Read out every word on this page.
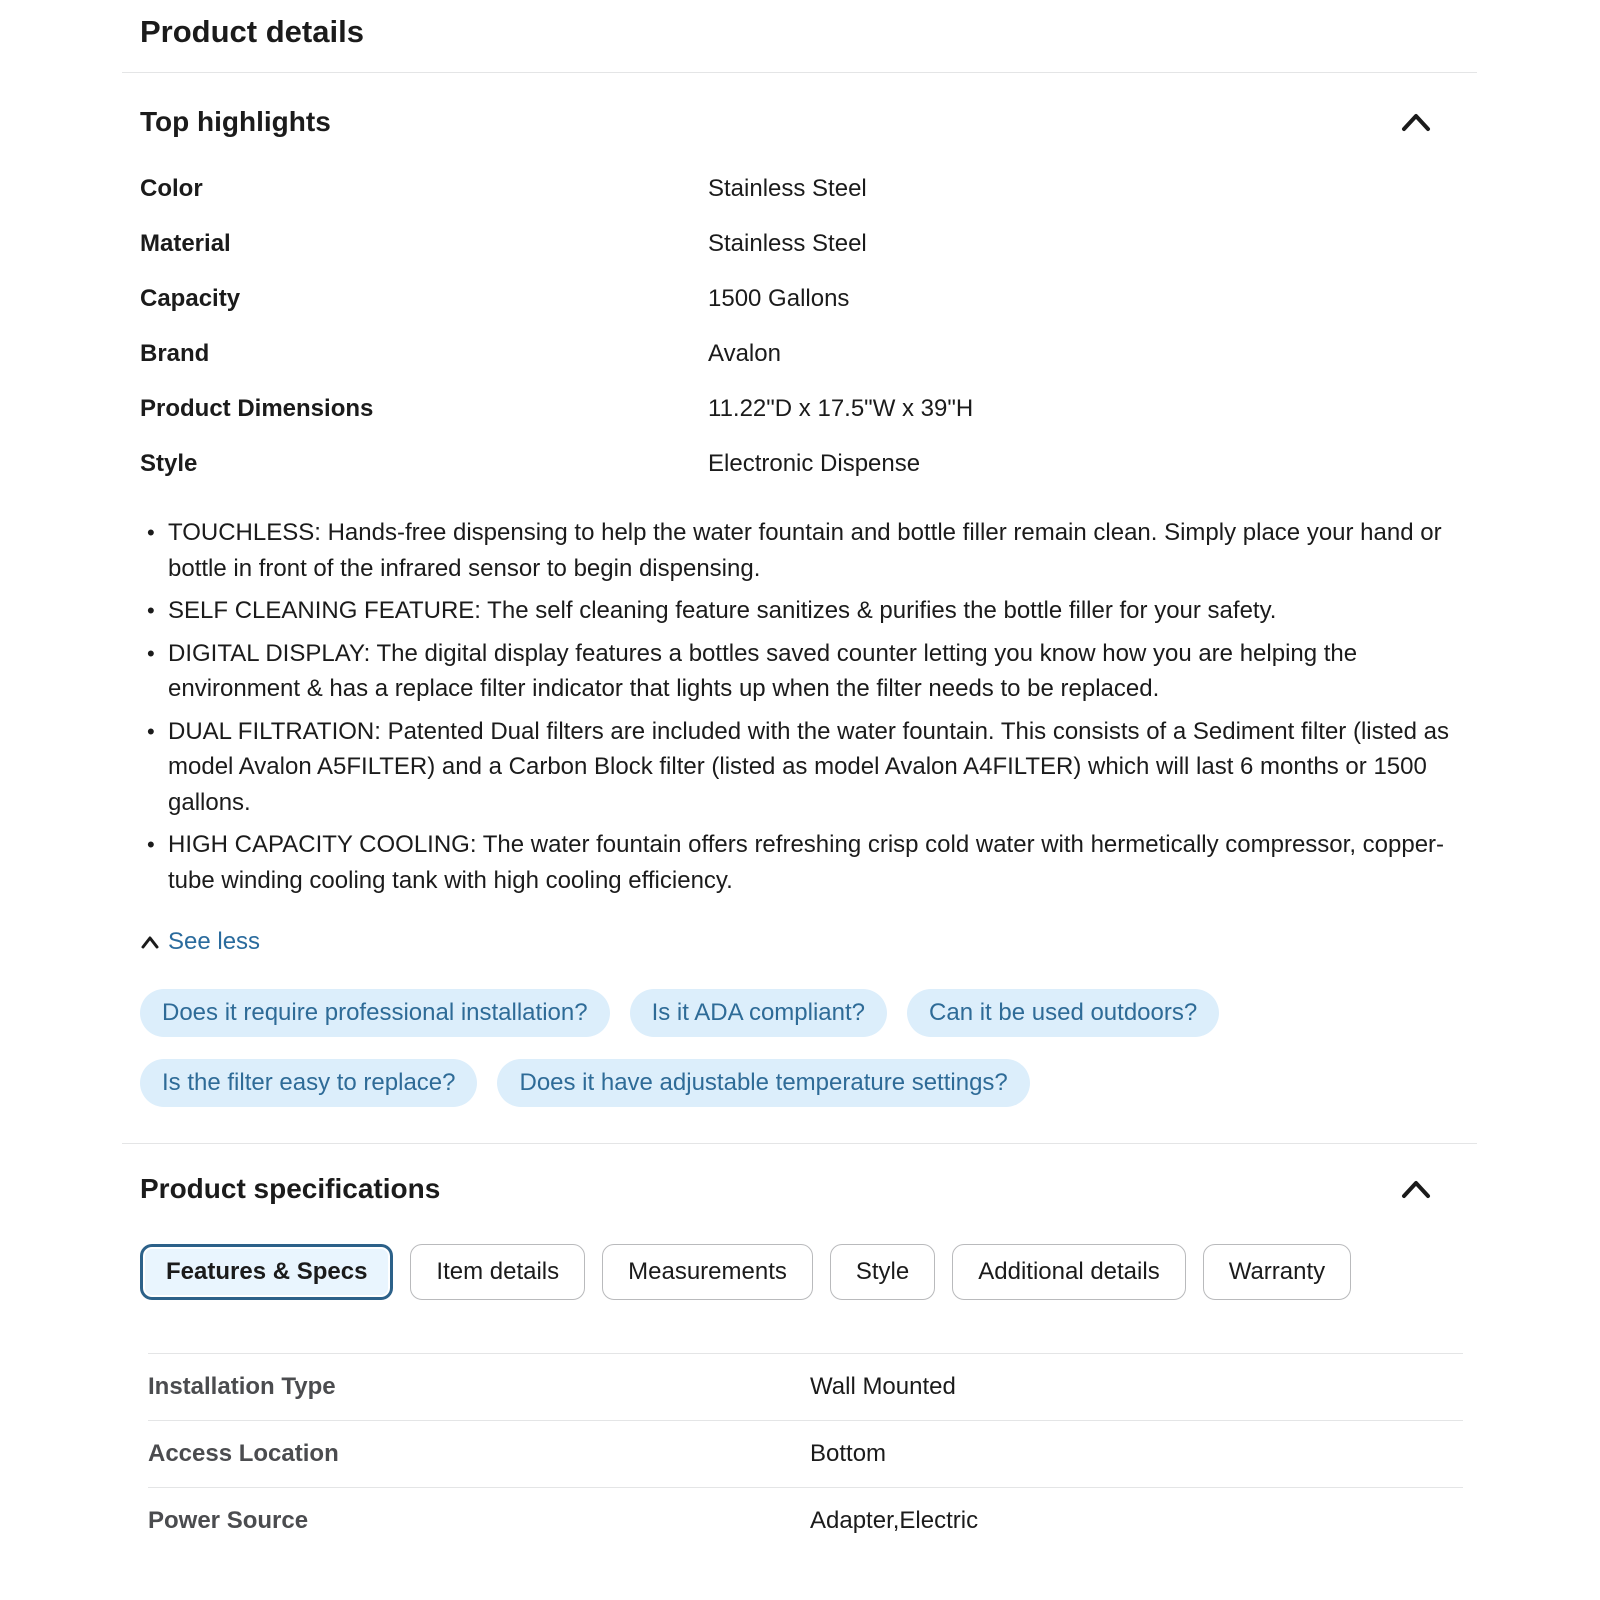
Product details
Top highlights
Color	Stainless Steel
Material	Stainless Steel
Capacity	1500 Gallons
Brand	Avalon
Product Dimensions	11.22"D x 17.5"W x 39"H
Style	Electronic Dispense
• TOUCHLESS: Hands-free dispensing to help the water fountain and bottle filler remain clean. Simply place your hand or bottle in front of the infrared sensor to begin dispensing.
• SELF CLEANING FEATURE: The self cleaning feature sanitizes & purifies the bottle filler for your safety.
• DIGITAL DISPLAY: The digital display features a bottles saved counter letting you know how you are helping the environment & has a replace filter indicator that lights up when the filter needs to be replaced.
• DUAL FILTRATION: Patented Dual filters are included with the water fountain. This consists of a Sediment filter (listed as model Avalon A5FILTER) and a Carbon Block filter (listed as model Avalon A4FILTER) which will last 6 months or 1500 gallons.
• HIGH CAPACITY COOLING: The water fountain offers refreshing crisp cold water with hermetically compressor, copper-tube winding cooling tank with high cooling efficiency.
See less
Does it require professional installation?	Is it ADA compliant?	Can it be used outdoors?
Is the filter easy to replace?	Does it have adjustable temperature settings?
Product specifications
Features & Specs	Item details	Measurements	Style	Additional details	Warranty
Installation Type	Wall Mounted
Access Location	Bottom
Power Source	Adapter,Electric
